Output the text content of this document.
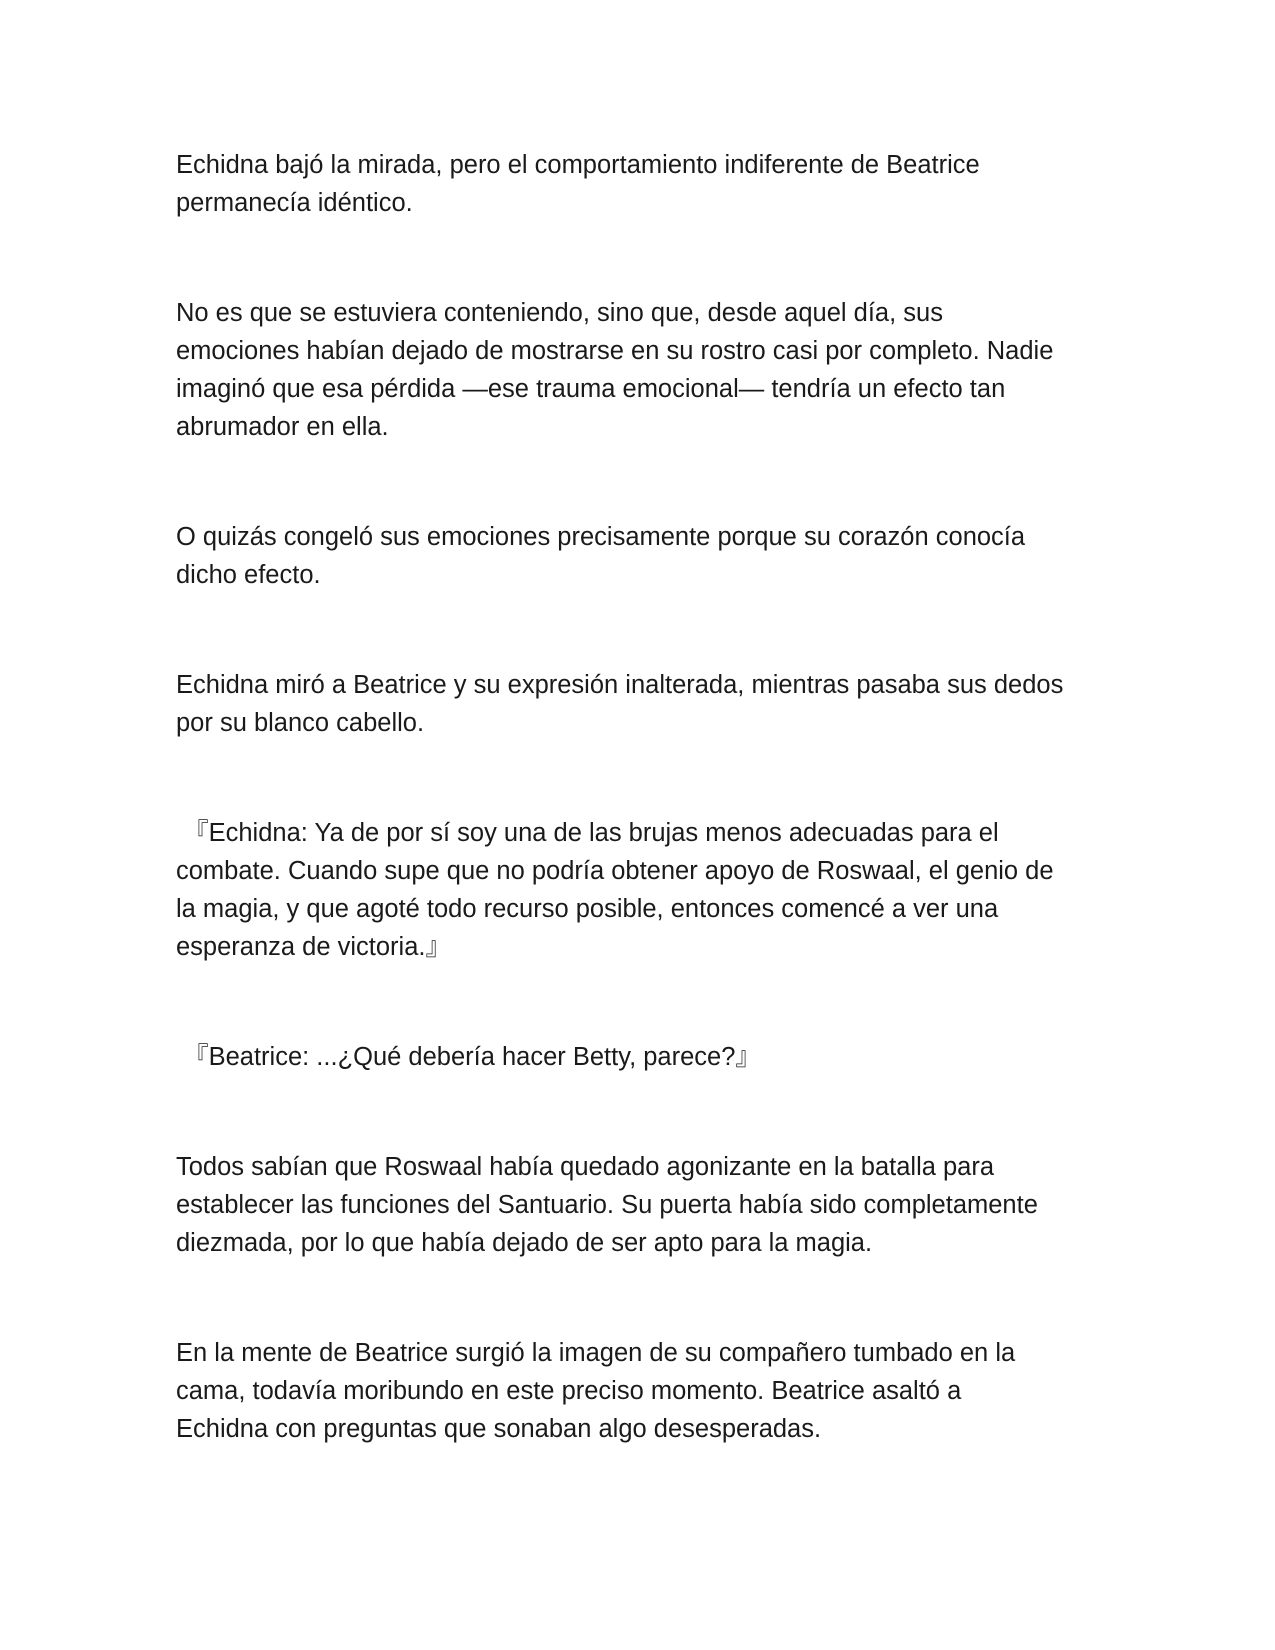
Echidna bajó la mirada, pero el comportamiento indiferente de Beatrice
permanecía idéntico.

No es que se estuviera conteniendo, sino que, desde aquel día, sus
emociones habían dejado de mostrarse en su rostro casi por completo. Nadie
imaginó que esa pérdida —ese trauma emocional— tendría un efecto tan
abrumador en ella.

O quizás congeló sus emociones precisamente porque su corazón conocía
dicho efecto.

Echidna miró a Beatrice y su expresión inalterada, mientras pasaba sus dedos
por su blanco cabello.

『Echidna: Ya de por sí soy una de las brujas menos adecuadas para el
combate. Cuando supe que no podría obtener apoyo de Roswaal, el genio de
la magia, y que agoté todo recurso posible, entonces comencé a ver una
esperanza de victoria.』

『Beatrice: ...¿Qué debería hacer Betty, parece?』

Todos sabían que Roswaal había quedado agonizante en la batalla para
establecer las funciones del Santuario. Su puerta había sido completamente
diezmada, por lo que había dejado de ser apto para la magia.

En la mente de Beatrice surgió la imagen de su compañero tumbado en la
cama, todavía moribundo en este preciso momento. Beatrice asaltó a
Echidna con preguntas que sonaban algo desesperadas.
